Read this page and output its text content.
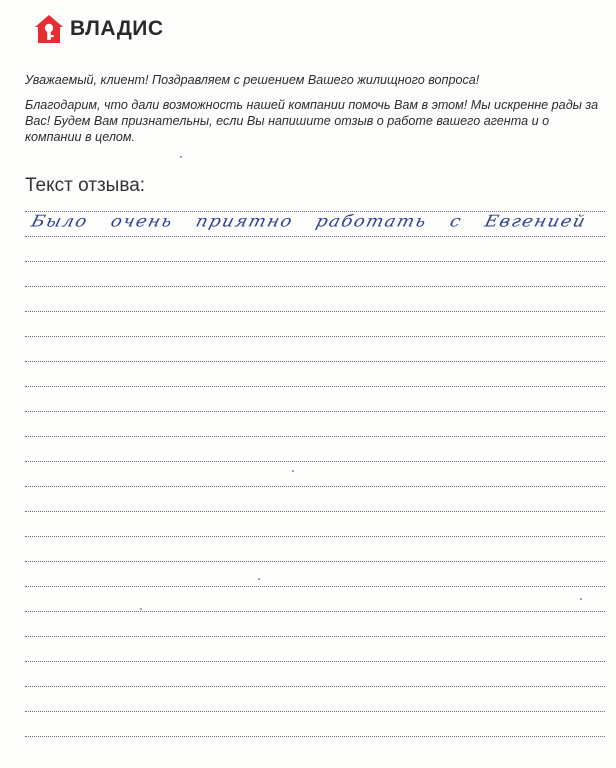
ВЛАДИС

Уважаемый, клиент! Поздравляем с решением Вашего жилищного вопроса!

Благодарим, что дали возможность нашей компании помочь Вам в этом! Мы искренне рады за Вас! Будем Вам признательны, если Вы напишите отзыв о работе вашего агента и о компании в целом.

Текст отзыва:
Было очень приятно работать с Евгенией
